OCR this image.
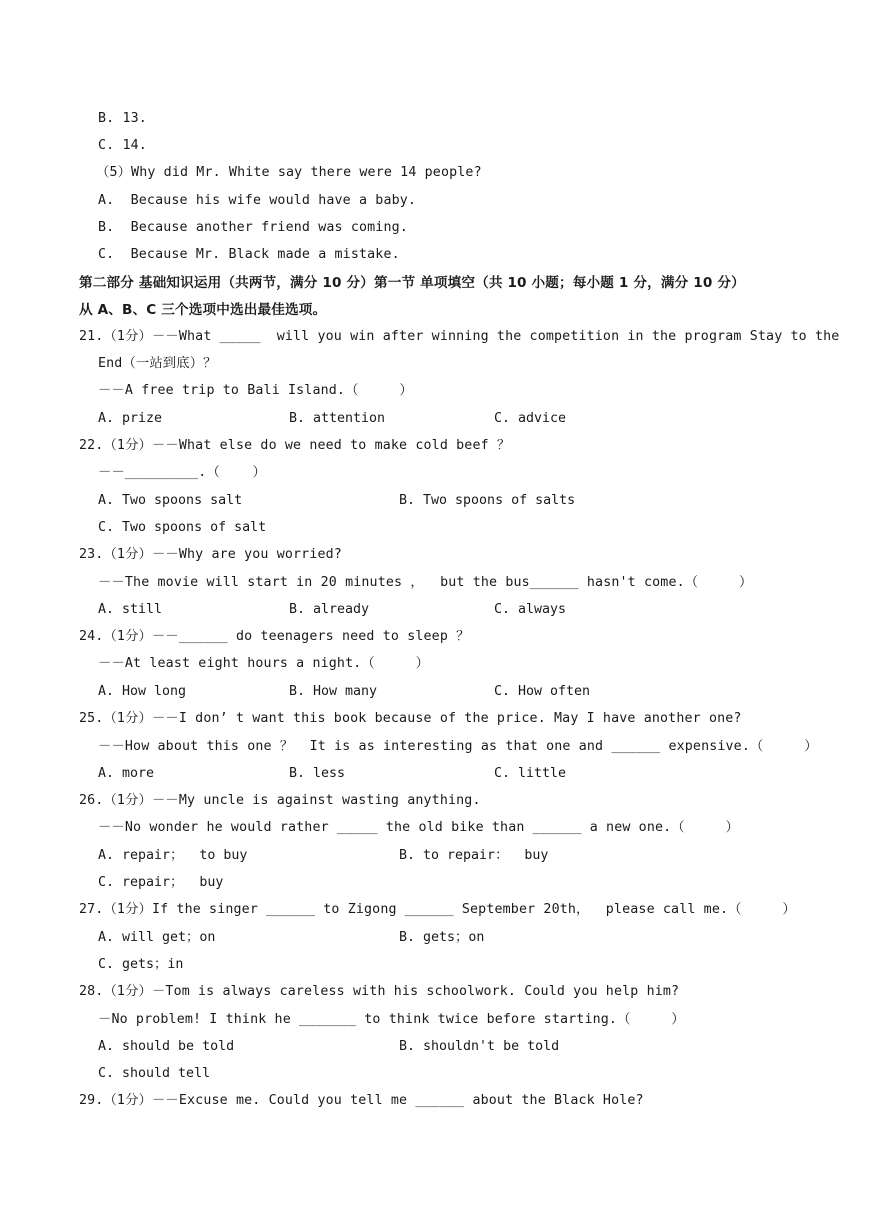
B. 13.
C. 14.
（5）Why did Mr. White say there were 14 people?
A.  Because his wife would have a baby.
B.  Because another friend was coming.
C.  Because Mr. Black made a mistake.
第二部分 基础知识运用（共两节，满分 10 分）第一节 单项填空（共 10 小题；每小题 1 分，满分 10 分）
从 A、B、C 三个选项中选出最佳选项。
21.（1分）－－What _____  will you win after winning the competition in the program Stay to the
End（一站到底）？
－－A free trip to Bali Island.（     ）
A. prize	B. attention	C. advice
22.（1分）－－What else do we need to make cold beef ？
－－_________.（    ）
A. Two spoons salt	B. Two spoons of salts
C. Two spoons of salt
23.（1分）－－Why are you worried?
－－The movie will start in 20 minutes ，  but the bus______ hasn't come.（     ）
A. still	B. already	C. always
24.（1分）－－______ do teenagers need to sleep ？
－－At least eight hours a night.（     ）
A. How long	B. How many	C. How often
25.（1分）－－I don’ t want this book because of the price. May I have another one?
－－How about this one ？  It is as interesting as that one and ______ expensive.（     ）
A. more	B. less	C. little
26.（1分）－－My uncle is against wasting anything.
－－No wonder he would rather _____ the old bike than ______ a new one.（     ）
A. repair；  to buy	B. to repair：  buy
C. repair；  buy
27.（1分）If the singer ______ to Zigong ______ September 20th，  please call me.（     ）
A. will get；on	B. gets；on
C. gets；in
28.（1分）－Tom is always careless with his schoolwork. Could you help him?
－No problem! I think he _______ to think twice before starting.（     ）
A. should be told	B. shouldn't be told
C. should tell
29.（1分）－－Excuse me. Could you tell me ______ about the Black Hole?
